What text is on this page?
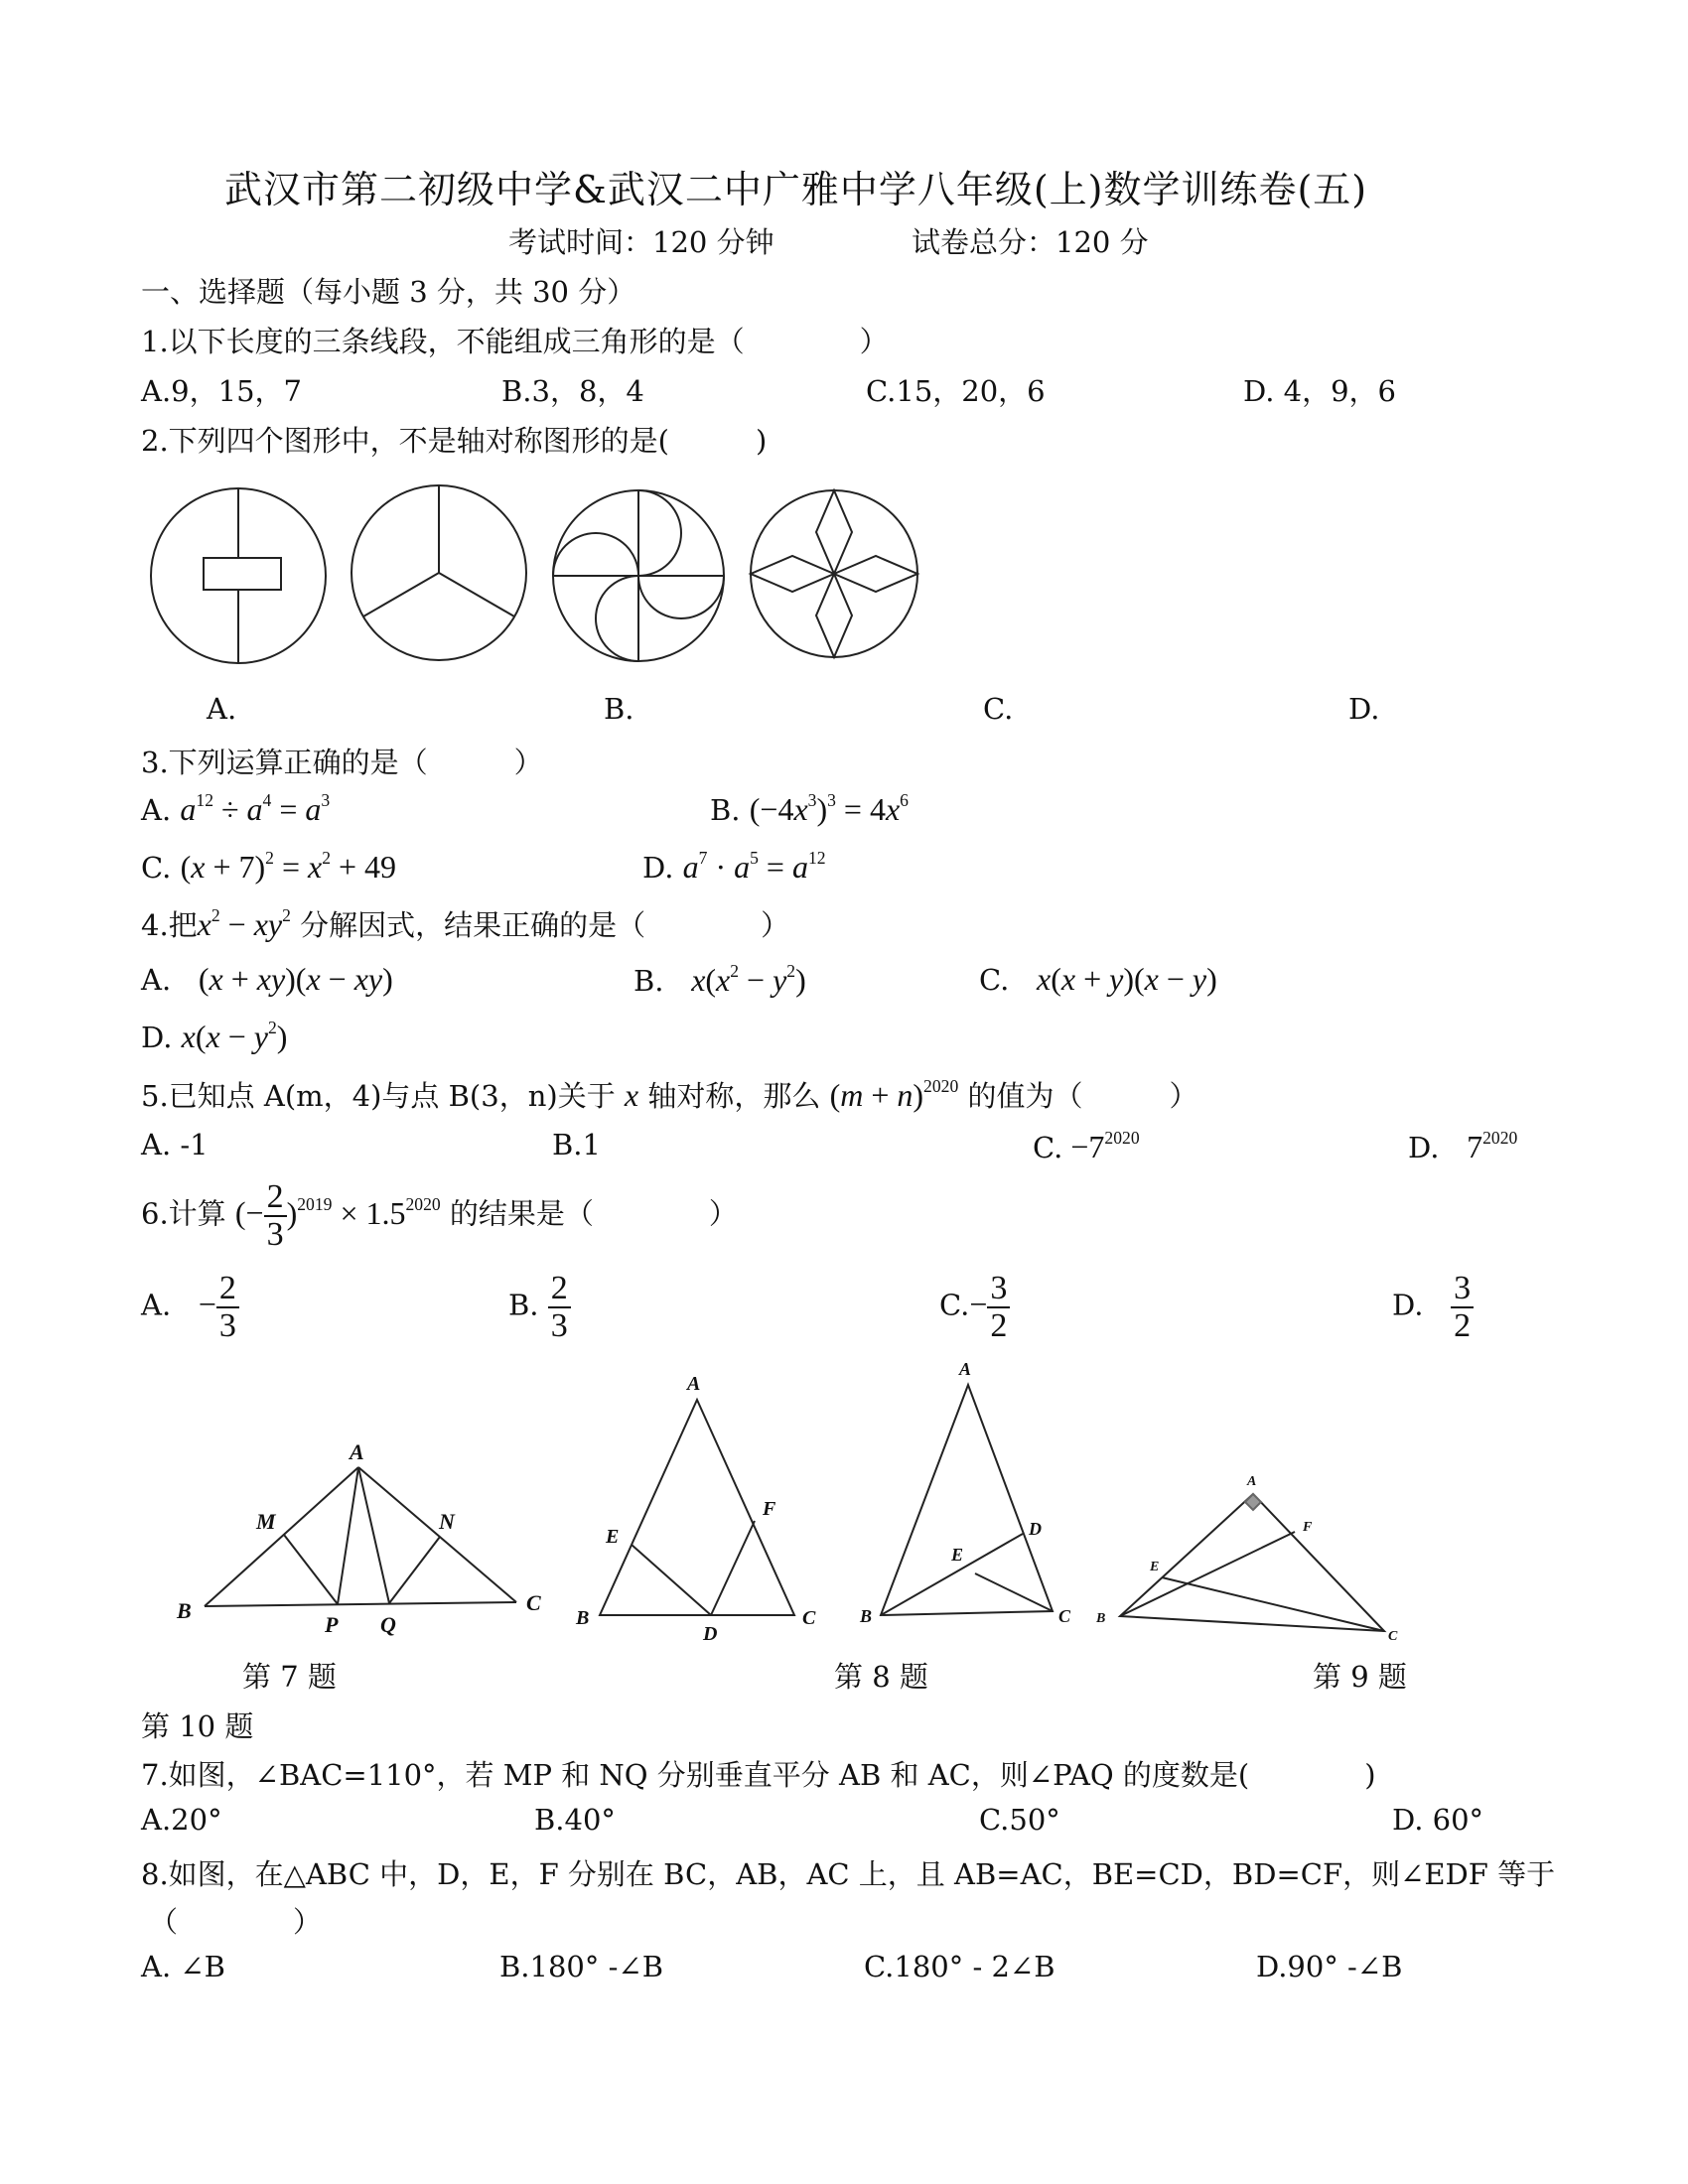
武汉市第二初级中学&武汉二中广雅中学八年级(上)数学训练卷(五)
考试时间：120 分钟	试卷总分：120 分
一、选择题（每小题 3 分，共 30 分）
1.以下长度的三条线段，不能组成三角形的是（　　　　）
A.9，15，7	B.3，8，4	C.15，20，6	D. 4，9，6
2.下列四个图形中，不是轴对称图形的是(　　　)
A.	B.	C.	D.
3.下列运算正确的是（　　　）
A. $a^{12} \div a^4 = a^3$	B. $(-4x^3)^3 = 4x^6$
C. $(x + 7)^2 = x^2 + 49$	D. $a^7 \cdot a^5 = a^{12}$
4.把$x^2 - xy^2$ 分解因式，结果正确的是（　　　　）
A. (x + xy)(x − xy)	B. $x(x^2 - y^2)$	C. x(x + y)(x − y)
D. $x(x - y^2)$
5.已知点 A(m，4)与点 B(3，n)关于 x 轴对称，那么 $(m + n)^{2020}$ 的值为（　　　）
A. -1	B.1	C. $-7^{2020}$	D. $7^{2020}$
6.计算 (− $\frac{2}{3} )^{2019} \times 1.5^{2020}$ 的结果是（　　　　）
A. − $\frac{2}{3}$	B. $\frac{2}{3}$	$C.- \frac{3}{2}$	D. $\frac{3}{2}$
A
B	C
M	N
P Q
A
B	C
D
E
F
A
B	C
D
E
A
B
C
E
F
第 7 题	第 8 题	第 9 题
第 10 题
7.如图，∠BAC=110°，若 MP 和 NQ 分别垂直平分 AB 和 AC，则∠PAQ 的度数是(　　　　)
A.20°	B.40°	C.50°	D. 60°
8.如图，在△ABC 中，D，E，F 分别在 BC，AB，AC 上，且 AB=AC，BE=CD，BD=CF，则∠EDF 等于
（　　　　）
A. ∠B	B.180° -∠B	C.180° - 2∠B	D.90° -∠B
